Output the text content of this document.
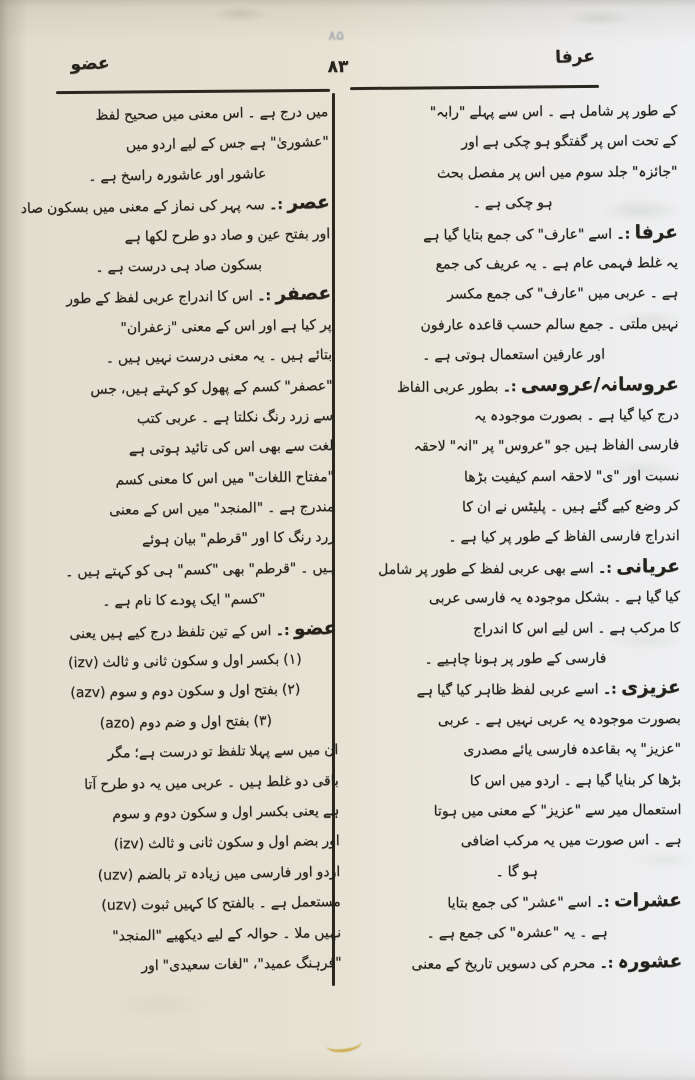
۸۵
عضو	۸۳	عرفا
میں درج ہے ۔ اس معنی میں صحیح لفظ
"عشوریٰ" ہے جس کے لیے اردو میں
عاشور اور عاشورہ راسخ ہے ۔
عصر :۔ سہ پہر کی نماز کے معنی میں بسکون صاد
اور بفتح عین و صاد دو طرح لکھا ہے
بسکون صاد ہی درست ہے ۔
عصفر :۔ اس کا اندراج عربی لفظ کے طور
پر کیا ہے اور اس کے معنی "زعفران"
بتائے ہیں ۔ یہ معنی درست نہیں ہیں ۔
"عصفر" کسم کے پھول کو کہتے ہیں، جس
سے زرد رنگ نکلتا ہے ۔ عربی کتب
لغت سے بھی اس کی تائید ہوتی ہے
"مفتاح اللغات" میں اس کا معنی کسم
مندرج ہے ۔ "المنجد" میں اس کے معنی
زرد رنگ کا اور "قرطم" بیان ہوئے
ہیں ۔ "قرطم" بھی "کسم" ہی کو کہتے ہیں ۔
"کسم" ایک پودے کا نام ہے ۔
عضو :۔ اس کے تین تلفظ درج کیے ہیں یعنی
(۱) بکسر اول و سکون ثانی و ثالث (izv)
(۲) بفتح اول و سکون دوم و سوم (azv)
(۳) بفتح اول و ضم دوم (azo)
ان میں سے پہلا تلفظ تو درست ہے؛ مگر
باقی دو غلط ہیں ۔ عربی میں یہ دو طرح آتا
ہے یعنی بکسر اول و سکون دوم و سوم
اور بضم اول و سکون ثانی و ثالث (izv)
اردو اور فارسی میں زیادہ تر بالضم (uzv)
مستعمل ہے ۔ بالفتح کا کہیں ثبوت (uzv)
نہیں ملا ۔ حوالہ کے لیے دیکھیے "المنجد"
"فرہنگ عمید"، "لغات سعیدی" اور
کے طور پر شامل ہے ۔ اس سے پہلے "رابہ"
کے تحت اس پر گفتگو ہو چکی ہے اور
"جائزہ" جلد سوم میں اس پر مفصل بحث
ہو چکی ہے ۔
عرفا :۔ اسے "عارف" کی جمع بتایا گیا ہے
یہ غلط فہمی عام ہے ۔ یہ عریف کی جمع
ہے ۔ عربی میں "عارف" کی جمع مکسر
نہیں ملتی ۔ جمع سالم حسب قاعدہ عارفون
اور عارفین استعمال ہوتی ہے ۔
عروسانہ/عروسی :۔ بطور عربی الفاظ
درج کیا گیا ہے ۔ بصورت موجودہ یہ
فارسی الفاظ ہیں جو "عروس" پر "انہ" لاحقہ
نسبت اور "ی" لاحقہ اسم کیفیت بڑھا
کر وضع کیے گئے ہیں ۔ پلیٹس نے ان کا
اندراج فارسی الفاظ کے طور پر کیا ہے ۔
عریانی :۔ اسے بھی عربی لفظ کے طور پر شامل
کیا گیا ہے ۔ بشکل موجودہ یہ فارسی عربی
کا مرکب ہے ۔ اس لیے اس کا اندراج
فارسی کے طور پر ہونا چاہیے ۔
عزیزی :۔ اسے عربی لفظ ظاہر کیا گیا ہے
بصورت موجودہ یہ عربی نہیں ہے ۔ عربی
"عزیز" پہ بقاعدہ فارسی یائے مصدری
بڑھا کر بنایا گیا ہے ۔ اردو میں اس کا
استعمال میر سے "عزیز" کے معنی میں ہوتا
ہے ۔ اس صورت میں یہ مرکب اضافی
ہو گا ۔
عشرات :۔ اسے "عشر" کی جمع بتایا
ہے ۔ یہ "عشرہ" کی جمع ہے ۔
عشورہ :۔ محرم کی دسویں تاریخ کے معنی
